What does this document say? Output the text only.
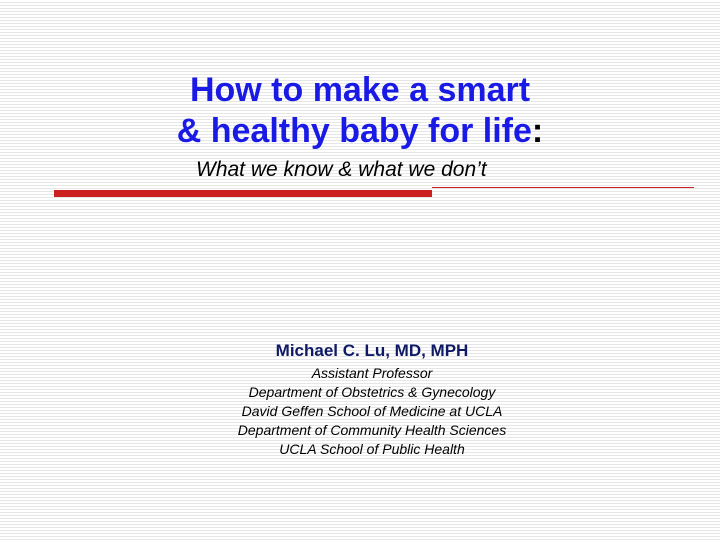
How to make a smart
& healthy baby for life:
What we know & what we don’t
Michael C. Lu, MD, MPH
Assistant Professor
Department of Obstetrics & Gynecology
David Geffen School of Medicine at UCLA
Department of Community Health Sciences
UCLA School of Public Health
